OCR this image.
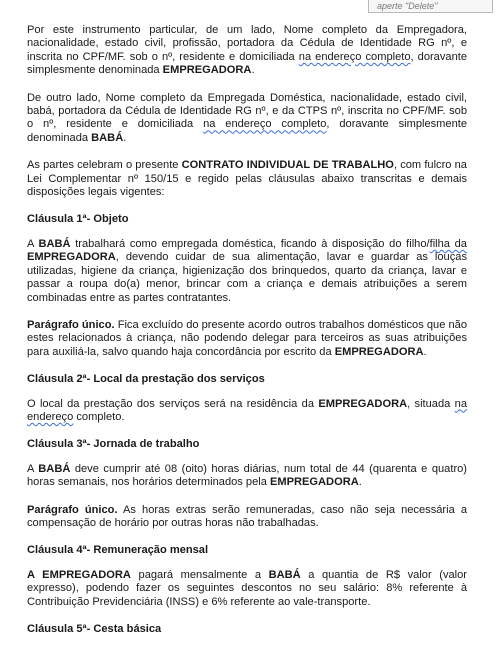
aperte "Delete"

Por este instrumento particular, de um lado, Nome completo da Empregadora, nacionalidade, estado civil, profissão, portadora da Cédula de Identidade RG nº, e inscrita no CPF/MF. sob o nº, residente e domiciliada na endereço completo, doravante simplesmente denominada EMPREGADORA.

De outro lado, Nome completo da Empregada Doméstica, nacionalidade, estado civil, babá, portadora da Cédula de Identidade RG nº, e da CTPS nº, inscrita no CPF/MF. sob o nº, residente e domiciliada na endereço completo, doravante simplesmente denominada BABÁ.

As partes celebram o presente CONTRATO INDIVIDUAL DE TRABALHO, com fulcro na Lei Complementar nº 150/15 e regido pelas cláusulas abaixo transcritas e demais disposições legais vigentes:

Cláusula 1ª- Objeto

A BABÁ trabalhará como empregada doméstica, ficando à disposição do filho/filha da EMPREGADORA, devendo cuidar de sua alimentação, lavar e guardar as louças utilizadas, higiene da criança, higienização dos brinquedos, quarto da criança, lavar e passar a roupa do(a) menor, brincar com a criança e demais atribuições a serem combinadas entre as partes contratantes.

Parágrafo único. Fica excluído do presente acordo outros trabalhos domésticos que não estes relacionados à criança, não podendo delegar para terceiros as suas atribuições para auxiliá-la, salvo quando haja concordância por escrito da EMPREGADORA.

Cláusula 2ª- Local da prestação dos serviços

O local da prestação dos serviços será na residência da EMPREGADORA, situada na endereço completo.

Cláusula 3ª- Jornada de trabalho

A BABÁ deve cumprir até 08 (oito) horas diárias, num total de 44 (quarenta e quatro) horas semanais, nos horários determinados pela EMPREGADORA.

Parágrafo único. As horas extras serão remuneradas, caso não seja necessária a compensação de horário por outras horas não trabalhadas.

Cláusula 4ª- Remuneração mensal

A EMPREGADORA pagará mensalmente a BABÁ a quantia de R$ valor (valor expresso), podendo fazer os seguintes descontos no seu salário: 8% referente à Contribuição Previdenciária (INSS) e 6% referente ao vale-transporte.

Cláusula 5ª- Cesta básica
